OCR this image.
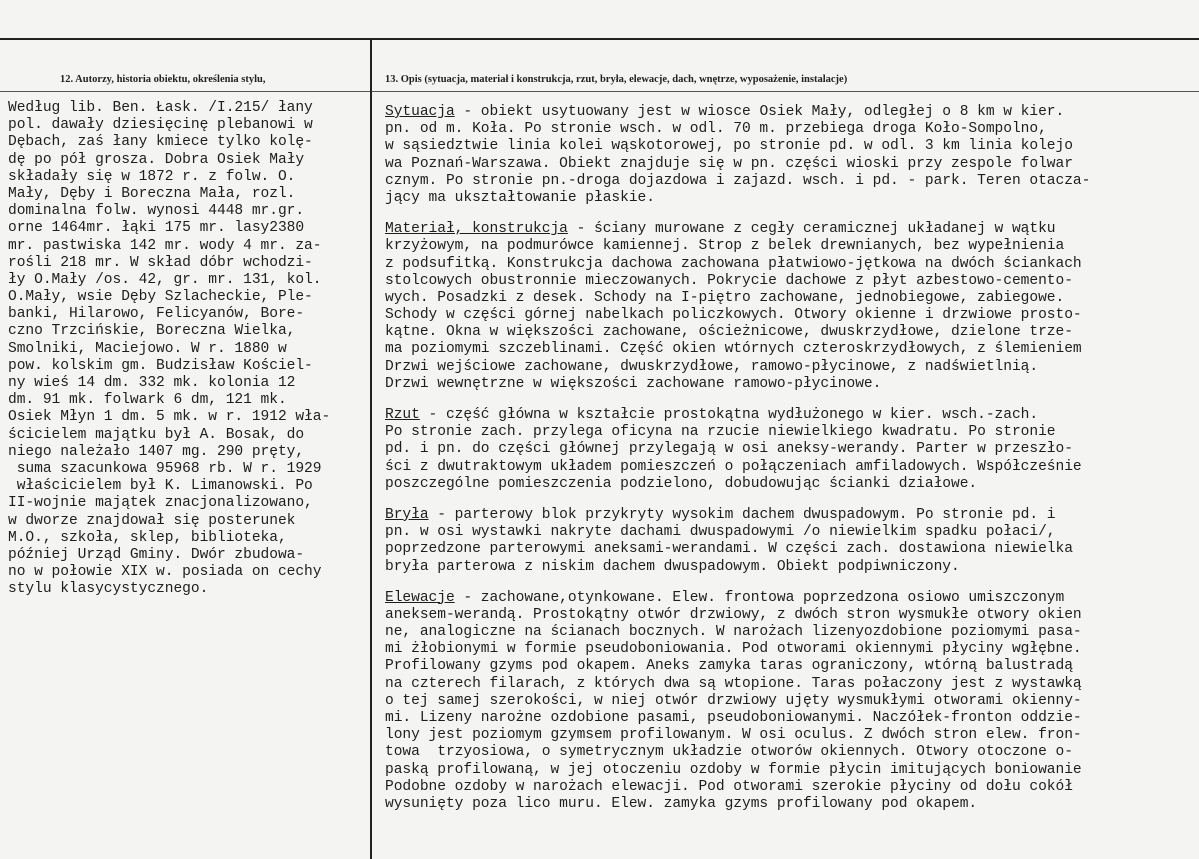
12. Autorzy, historia obiektu, określenia stylu,	13. Opis (sytuacja, materiał i konstrukcja, rzut, bryła, elewacje, dach, wnętrze, wyposażenie, instalacje)
Według lib. Ben. Łask. /I.215/ łany
pol. dawały dziesięcinę plebanowi w
Dębach, zaś łany kmiece tylko kolę-
dę po pół grosza. Dobra Osiek Mały
składały się w 1872 r. z folw. O.
Mały, Dęby i Boreczna Mała, rozl.
dominalna folw. wynosi 4448 mr.gr.
orne 1464mr. łąki 175 mr. lasy2380
mr. pastwiska 142 mr. wody 4 mr. za-
rośli 218 mr. W skład dóbr wchodzi-
ły O.Mały /os. 42, gr. mr. 131, kol.
O.Mały, wsie Dęby Szlacheckie, Ple-
banki, Hilarowo, Felicyanów, Bore-
czno Trzcińskie, Boreczna Wielka,
Smolniki, Maciejowo. W r. 1880 w
pow. kolskim gm. Budzisław Kościel-
ny wieś 14 dm. 332 mk. kolonia 12
dm. 91 mk. folwark 6 dm, 121 mk.
Osiek Młyn 1 dm. 5 mk. w r. 1912 wła-
ścicielem majątku był A. Bosak, do
niego należało 1407 mg. 290 pręty,
suma szacunkowa 95968 rb. W r. 1929
właścicielem był K. Limanowski. Po
II-wojnie majątek znacjonalizowano,
w dworze znajdował się posterunek
M.O., szkoła, sklep, biblioteka,
później Urząd Gminy. Dwór zbudowa-
no w połowie XIX w. posiada on cechy
stylu klasycystycznego.
Sytuacja - obiekt usytuowany jest w wiosce Osiek Mały, odległej o 8 km w kier.
pn. od m. Koła. Po stronie wsch. w odl. 70 m. przebiega droga Koło-Sompolno,
w sąsiedztwie linia kolei wąskotorowej, po stronie pd. w odl. 3 km linia kolejo
wa Poznań-Warszawa. Obiekt znajduje się w pn. części wioski przy zespole folwar
cznym. Po stronie pn.-droga dojazdowa i zajazd. wsch. i pd. - park. Teren otacza-
jący ma ukształtowanie płaskie.
Materiał, konstrukcja - ściany murowane z cegły ceramicznej układanej w wątku
krzyżowym, na podmurówce kamiennej. Strop z belek drewnianych, bez wypełnienia
z podsufitką. Konstrukcja dachowa zachowana płatwiowo-jętkowa na dwóch ściankach
stolcowych obustronnie mieczowanych. Pokrycie dachowe z płyt azbestowo-cemento-
wych. Posadzki z desek. Schody na I-piętro zachowane, jednobiegowe, zabiegowe.
Schody w części górnej nabelkach policzkowych. Otwory okienne i drzwiowe prosto-
kątne. Okna w większości zachowane, ościeżnicowe, dwuskrzydłowe, dzielone trze-
ma poziomymi szczeblinami. Część okien wtórnych czteroskrzydłowych, z ślemieniem
Drzwi wejściowe zachowane, dwuskrzydłowe, ramowo-płycinowe, z nadświetlnią.
Drzwi wewnętrzne w większości zachowane ramowo-płycinowe.
Rzut - część główna w kształcie prostokątna wydłużonego w kier. wsch.-zach.
Po stronie zach. przylega oficyna na rzucie niewielkiego kwadratu. Po stronie
pd. i pn. do części głównej przylegają w osi aneksy-werandy. Parter w przeszło-
ści z dwutraktowym układem pomieszczeń o połączeniach amfiladowych. Współcześnie
poszczególne pomieszczenia podzielono, dobudowując ścianki działowe.
Bryła - parterowy blok przykryty wysokim dachem dwuspadowym. Po stronie pd. i
pn. w osi wystawki nakryte dachami dwuspadowymi /o niewielkim spadku połaci/,
poprzedzone parterowymi aneksami-werandami. W części zach. dostawiona niewielka
bryła parterowa z niskim dachem dwuspadowym. Obiekt podpiwniczony.
Elewacje - zachowane,otynkowane. Elew. frontowa poprzedzona osiowo umiszczonym
aneksem-werandą. Prostokątny otwór drzwiowy, z dwóch stron wysmukłe otwory okien
ne, analogiczne na ścianach bocznych. W narożach lizenyozdobione poziomymi pasa-
mi żłobionymi w formie pseudoboniowania. Pod otworami okiennymi płyciny wgłębne.
Profilowany gzyms pod okapem. Aneks zamyka taras ograniczony, wtórną balustradą
na czterech filarach, z których dwa są wtopione. Taras połaczony jest z wystawką
o tej samej szerokości, w niej otwór drzwiowy ujęty wysmukłymi otworami okienny-
mi. Lizeny narożne ozdobione pasami, pseudoboniowanymi. Naczółek-fronton oddzie-
lony jest poziomym gzymsem profilowanym. W osi oculus. Z dwóch stron elew. fron-
towa  trzyosiowa, o symetrycznym układzie otworów okiennych. Otwory otoczone o-
paską profilowaną, w jej otoczeniu ozdoby w formie płycin imitujących boniowanie
Podobne ozdoby w narożach elewacji. Pod otworami szerokie płyciny od dołu cokół
wysunięty poza lico muru. Elew. zamyka gzyms profilowany pod okapem.
